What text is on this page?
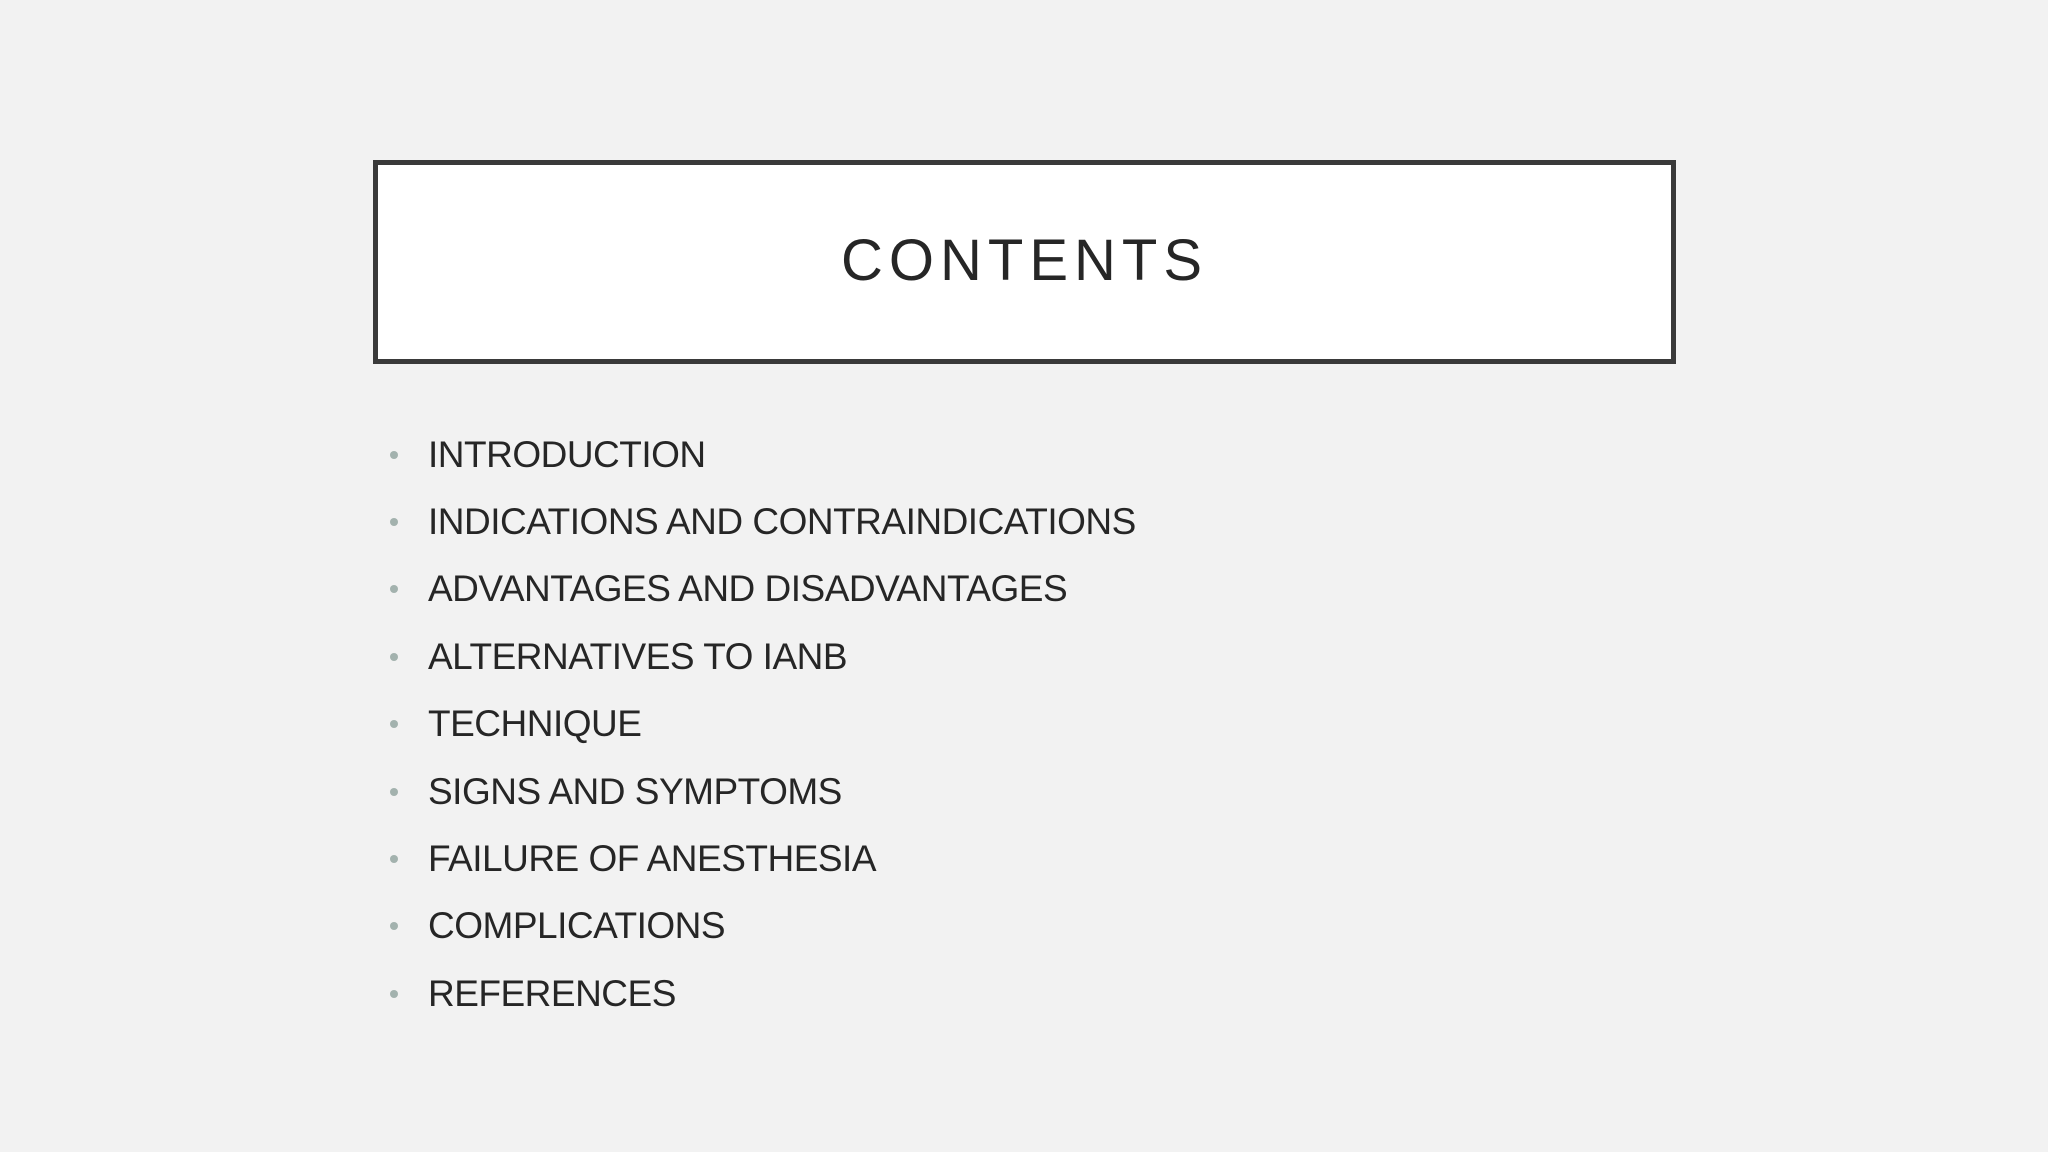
CONTENTS
INTRODUCTION
INDICATIONS AND CONTRAINDICATIONS
ADVANTAGES AND DISADVANTAGES
ALTERNATIVES TO IANB
TECHNIQUE
SIGNS AND SYMPTOMS
FAILURE OF ANESTHESIA
COMPLICATIONS
REFERENCES
